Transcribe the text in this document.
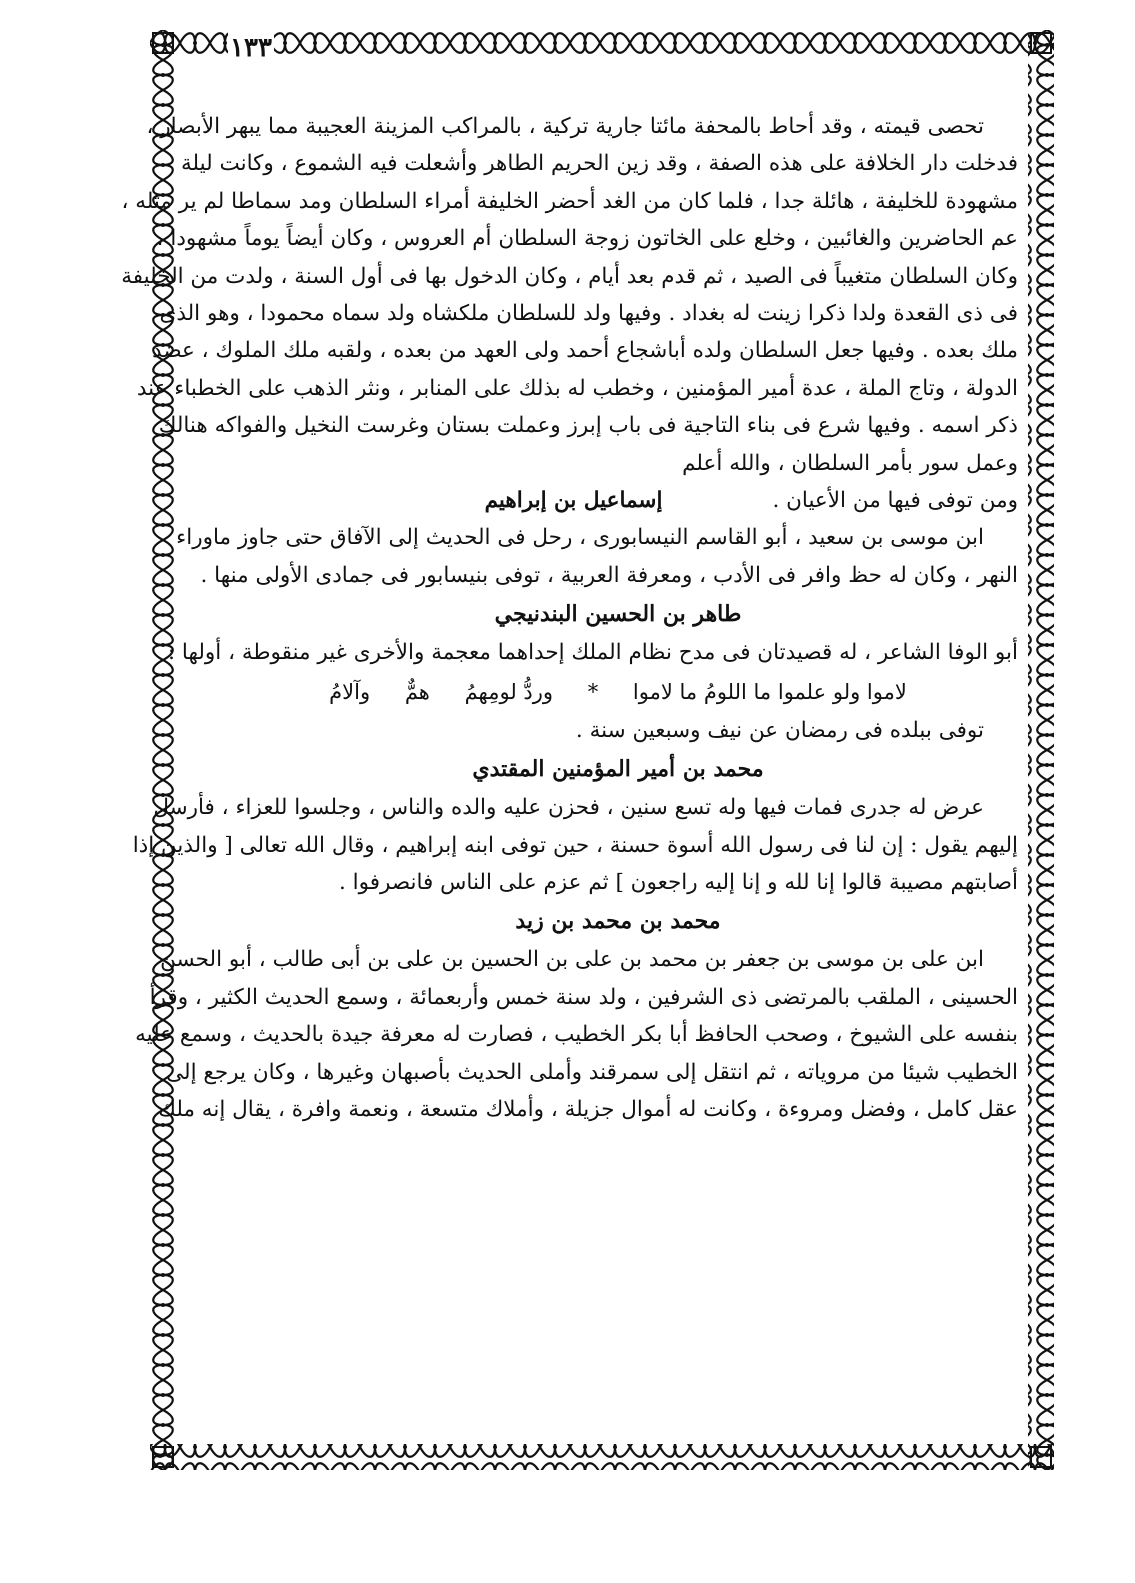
١٣٣

تحصى قيمته ، وقد أحاط بالمحفة مائتا جارية تركية ، بالمراكب المزينة العجيبة مما يبهر الأبصار ،

فدخلت دار الخلافة على هذه الصفة ، وقد زين الحريم الطاهر وأشعلت فيه الشموع ، وكانت ليلة

مشهودة للخليفة ، هائلة جدا ، فلما كان من الغد أحضر الخليفة أمراء السلطان ومد سماطا لم ير مثله ،

عم الحاضرين والغائبين ، وخلع على الخاتون زوجة السلطان أم العروس ، وكان أيضاً يوماً مشهودا ،

وكان السلطان متغيباً فى الصيد ، ثم قدم بعد أيام ، وكان الدخول بها فى أول السنة ، ولدت من الخليفة

فى ذى القعدة ولدا ذكرا زينت له بغداد . وفيها ولد للسلطان ملكشاه ولد سماه محمودا ، وهو الذى

ملك بعده . وفيها جعل السلطان ولده أباشجاع أحمد ولى العهد من بعده ، ولقبه ملك الملوك ، عضد

الدولة ، وتاج الملة ، عدة أمير المؤمنين ، وخطب له بذلك على المنابر ، ونثر الذهب على الخطباء عند

ذكر اسمه . وفيها شرع فى بناء التاجية فى باب إبرز وعملت بستان وغرست النخيل والفواكه هنالك

وعمل سور بأمر السلطان ، والله أعلم

ومن توفى فيها من الأعيان .
إسماعيل بن إبراهيم

ابن موسى بن سعيد ، أبو القاسم النيسابورى ، رحل فى الحديث إلى الآفاق حتى جاوز ماوراء

النهر ، وكان له حظ وافر فى الأدب ، ومعرفة العربية ، توفى بنيسابور فى جمادى الأولى منها .

طاهر بن الحسين البندنيجي

أبو الوفا الشاعر ، له قصيدتان فى مدح نظام الملك إحداهما معجمة والأخرى غير منقوطة ، أولها :

لاموا ولو علموا ما اللومُ ما لاموا * وردُّ لومِهمُ همٌّ وآلامُ

توفى ببلده فى رمضان عن نيف وسبعين سنة .

محمد بن أمير المؤمنين المقتدي

عرض له جدرى فمات فيها وله تسع سنين ، فحزن عليه والده والناس ، وجلسوا للعزاء ، فأرسل

إليهم يقول : إن لنا فى رسول الله أسوة حسنة ، حين توفى ابنه إبراهيم ، وقال الله تعالى [ والذين إذا

أصابتهم مصيبة قالوا إنا لله و إنا إليه راجعون ] ثم عزم على الناس فانصرفوا .

محمد بن محمد بن زيد

ابن على بن موسى بن جعفر بن محمد بن على بن الحسين بن على بن أبى طالب ، أبو الحسن

الحسينى ، الملقب بالمرتضى ذى الشرفين ، ولد سنة خمس وأربعمائة ، وسمع الحديث الكثير ، وقرأ

بنفسه على الشيوخ ، وصحب الحافظ أبا بكر الخطيب ، فصارت له معرفة جيدة بالحديث ، وسمع عليه

الخطيب شيئا من مروياته ، ثم انتقل إلى سمرقند وأملى الحديث بأصبهان وغيرها ، وكان يرجع إلى

عقل كامل ، وفضل ومروءة ، وكانت له أموال جزيلة ، وأملاك متسعة ، ونعمة وافرة ، يقال إنه ملك
